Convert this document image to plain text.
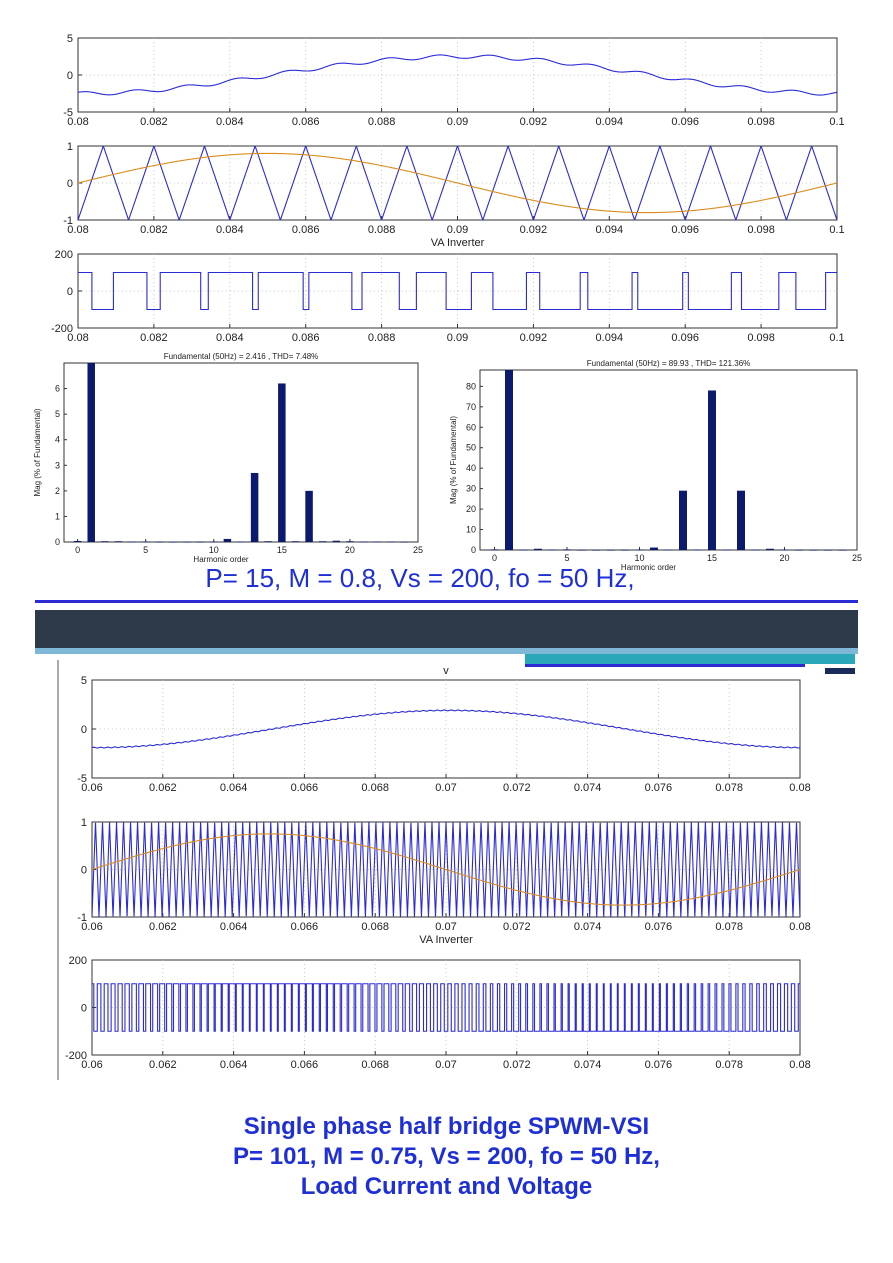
0.08	0.082	0.084	0.086	0.088	0.09	0.092	0.094	0.096	0.098	0.1
5
0
-5
0.08	0.082	0.084	0.086	0.088	0.09	0.092	0.094	0.096	0.098	0.1
1
0
-1
VA Inverter
0.08	0.082	0.084	0.086	0.088	0.09	0.092	0.094	0.096	0.098	0.1
200
0
-200
0	5	10	15	20	25
0
1
2
3
4
5
6
Fundamental (50Hz) = 2.416 , THD= 7.48%
Harmonic order
Mag (% of Fundamental)
0	5	10	15	20	25
0
10
20
30
40
50
60
70
80
Fundamental (50Hz) = 89.93 , THD= 121.36%
Harmonic order
Mag (% of Fundamental)
0.06	0.062	0.064	0.066	0.068	0.07	0.072	0.074	0.076	0.078	0.08
5
0
-5
v
0.06	0.062	0.064	0.066	0.068	0.07	0.072	0.074	0.076	0.078	0.08
1
0
-1
VA Inverter
0.06	0.062	0.064	0.066	0.068	0.07	0.072	0.074	0.076	0.078	0.08
200
0
-200
P= 15, M = 0.8, Vs = 200, fo = 50 Hz,
Single phase half bridge SPWM-VSI
P= 101, M = 0.75, Vs = 200, fo = 50 Hz,
Load Current and Voltage
